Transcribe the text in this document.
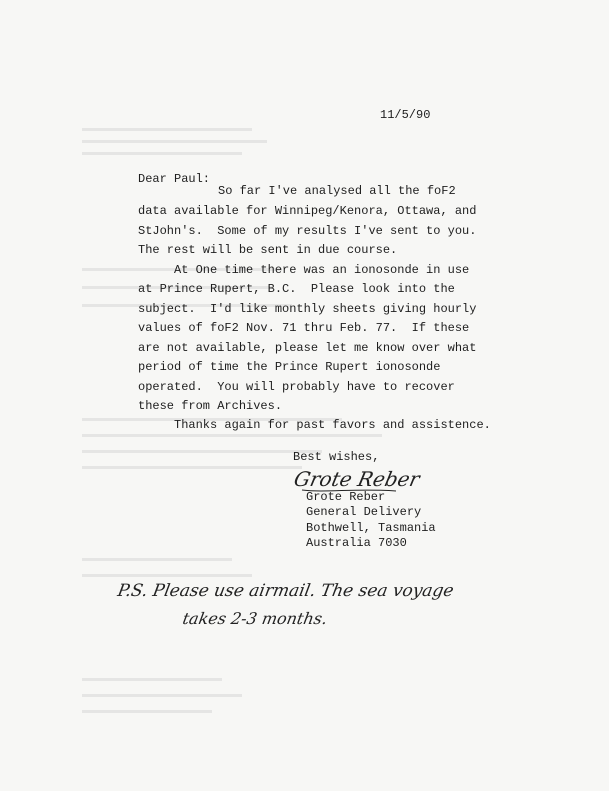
11/5/90
Dear Paul:
So far I've analysed all the foF2
data available for Winnipeg/Kenora, Ottawa, and
StJohn's.  Some of my results I've sent to you.
The rest will be sent in due course.
At One time there was an ionosonde in use
at Prince Rupert, B.C.  Please look into the
subject.  I'd like monthly sheets giving hourly
values of foF2 Nov. 71 thru Feb. 77.  If these
are not available, please let me know over what
period of time the Prince Rupert ionosonde
operated.  You will probably have to recover
these from Archives.
Thanks again for past favors and assistence.
Best wishes,
Grote Reber
Grote Reber
General Delivery
Bothwell, Tasmania
Australia 7030
P.S. Please use airmail. The sea voyage
takes 2-3 months.
